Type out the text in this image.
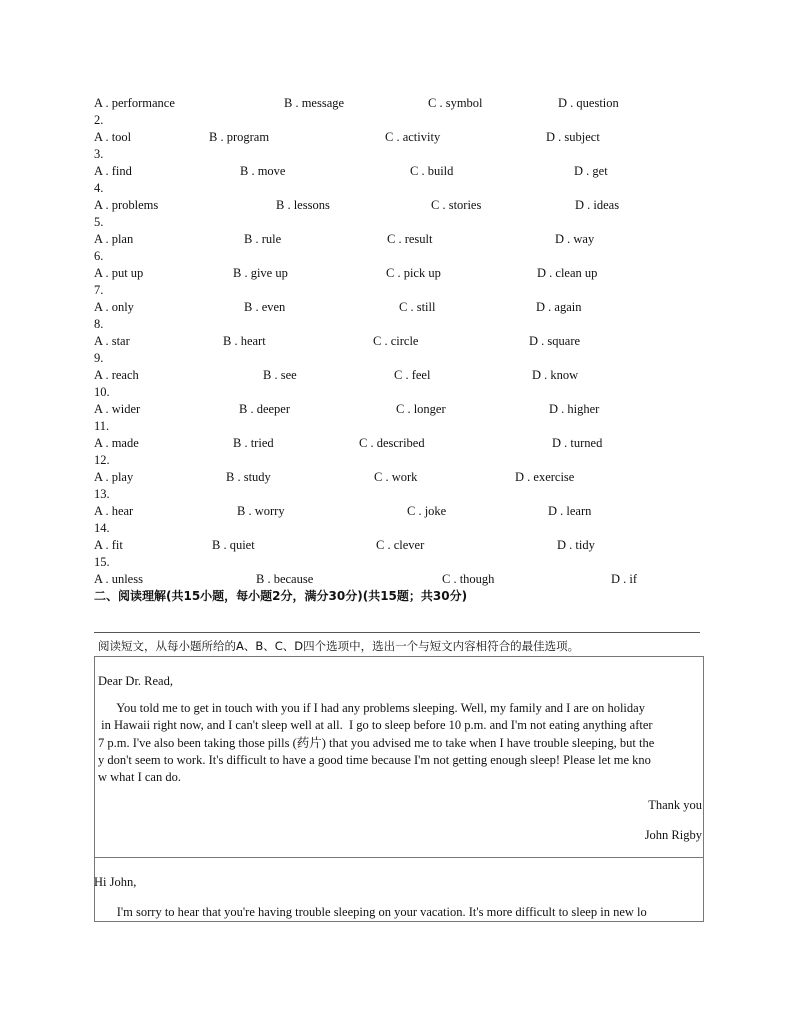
A . performance	B . message	C . symbol	D . question
2.
A . tool	B . program	C . activity	D . subject
3.
A . find	B . move	C . build	D . get
4.
A . problems	B . lessons	C . stories	D . ideas
5.
A . plan	B . rule	C . result	D . way
6.
A . put up	B . give up	C . pick up	D . clean up
7.
A . only	B . even	C . still	D . again
8.
A . star	B . heart	C . circle	D . square
9.
A . reach	B . see	C . feel	D . know
10.
A . wider	B . deeper	C . longer	D . higher
11.
A . made	B . tried	C . described	D . turned
12.
A . play	B . study	C . work	D . exercise
13.
A . hear	B . worry	C . joke	D . learn
14.
A . fit	B . quiet	C . clever	D . tidy
15.
A . unless	B . because	C . though	D . if
二、阅读理解(共15小题，每小题2分，满分30分)(共15题；共30分)
阅读短文，从每小题所给的A、B、C、D四个选项中，选出一个与短文内容相符合的最佳选项。
Dear Dr. Read,
You told me to get in touch with you if I had any problems sleeping. Well, my family and I are on holiday
in Hawaii right now, and I can't sleep well at all.  I go to sleep before 10 p.m. and I'm not eating anything after
7 p.m. I've also been taking those pills (药片) that you advised me to take when I have trouble sleeping, but the
y don't seem to work. It's difficult to have a good time because I'm not getting enough sleep! Please let me kno
w what I can do.
Thank you
John Rigby
Hi John,
I'm sorry to hear that you're having trouble sleeping on your vacation. It's more difficult to sleep in new lo
